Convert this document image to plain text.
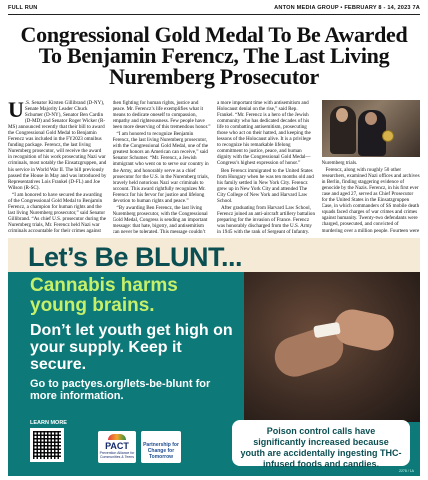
FULL RUN	ANTON MEDIA GROUP • FEBRUARY 8 - 14, 2023 7A
Congressional Gold Medal To Be Awarded
To Benjamin Ferencz, The Last Living
Nuremberg Prosecutor

U .S. Senator Kirsten Gillibrand (D-NY), Senate Majority Leader Chuck Schumer (D-NY), Senator Ben Cardin (D-MD) and Senator Roger Wicker (R-MS) announced recently that their bill to award the Congressional Gold Medal to Benjamin Ferencz was included in the FY2023 omnibus funding package. Ferencz, the last living Nuremberg prosecutor, will receive the award in recognition of his work prosecuting Nazi war criminals, most notably the Einsatzgruppen, and his service in World War II. The bill previously passed the House in May and was introduced by Representatives Lois Frankel (D-FL) and Joe Wilson (R-SC).

“I am honored to have secured the awarding of the Congressional Gold Medal to Benjamin Ferencz, a champion for human rights and the last living Nuremberg prosecutor,” said Senator Gillibrand. “As chief U.S. prosecutor during the Nuremberg trials, Mr. Ferencz held Nazi war criminals accountable for their crimes against

then fighting for human rights, justice and peace. Mr. Ferencz’s life exemplifies what it means to dedicate oneself to compassion, empathy and righteousness. Few people have been more deserving of this tremendous honor.”

“I am honored to recognize Benjamin Ferencz, the last living Nuremberg prosecutor, with the Congressional Gold Medal, one of the greatest honors an American can receive,” said Senator Schumer. “Mr. Ferencz, a Jewish immigrant who went on to serve our country in the Army, and honorably serve as a chief prosecutor for the U.S. in the Nuremberg trials, bravely held notorious Nazi war criminals to account. This award rightfully recognizes Mr. Ferencz for his fervor for justice and lifelong devotion to human rights and peace.”

“By awarding Ben Ferencz, the last living Nuremberg prosecutor, with the Congressional Gold Medal, Congress is sending an important message: that hate, bigotry, and antisemitism can never be tolerated. This message couldn’t

a more important time with antisemitism and Holocaust denial on the rise,” said Rep. Frankel. “Mr. Ferencz is a hero of the Jewish community who has dedicated decades of his life to combatting antisemitism, prosecuting those who act on their hatred, and keeping the lessons of the Holocaust alive. It is a privilege to recognize his remarkable lifelong commitment to justice, peace, and human dignity with the Congressional Gold Medal—Congress’s highest expression of honor.”

Ben Ferencz immigrated to the United States from Hungary when he was ten months old and his family settled in New York City. Ferencz grew up in New York City and attended The City College of New York and Harvard Law School.

After graduating from Harvard Law School, Ferencz joined an anti-aircraft artillery battalion preparing for the invasion of France. Ferencz was honorably discharged from the U.S. Army in 1945 with the rank of Sergeant of Infantry.

Nuremberg trials.

Ferencz, along with roughly 50 other researchers, examined Nazi offices and archives in Berlin, finding staggering evidence of genocide by the Nazis. Ferencz, in his first ever case and aged 27, served as Chief Prosecutor for the United States in the Einsatzgruppen Case, in which commanders of SS mobile death squads faced charges of war crimes and crimes against humanity. Twenty-two defendants were charged, prosecuted, and convicted of murdering over a million people. Fourteen were

Let’s Be BLUNT...
Cannabis harms young brains.
Don’t let youth get high on your supply. Keep it secure.
Go to pactyes.org/lets-be-blunt for more information.
LEARN MORE
PACT
Prevention Alliance for Communities & Teens
Partnership for Change for Tomorrow
Poison control calls have significantly increased because youth are accidentally ingesting THC-infused foods and candies.
2278 / 1A
